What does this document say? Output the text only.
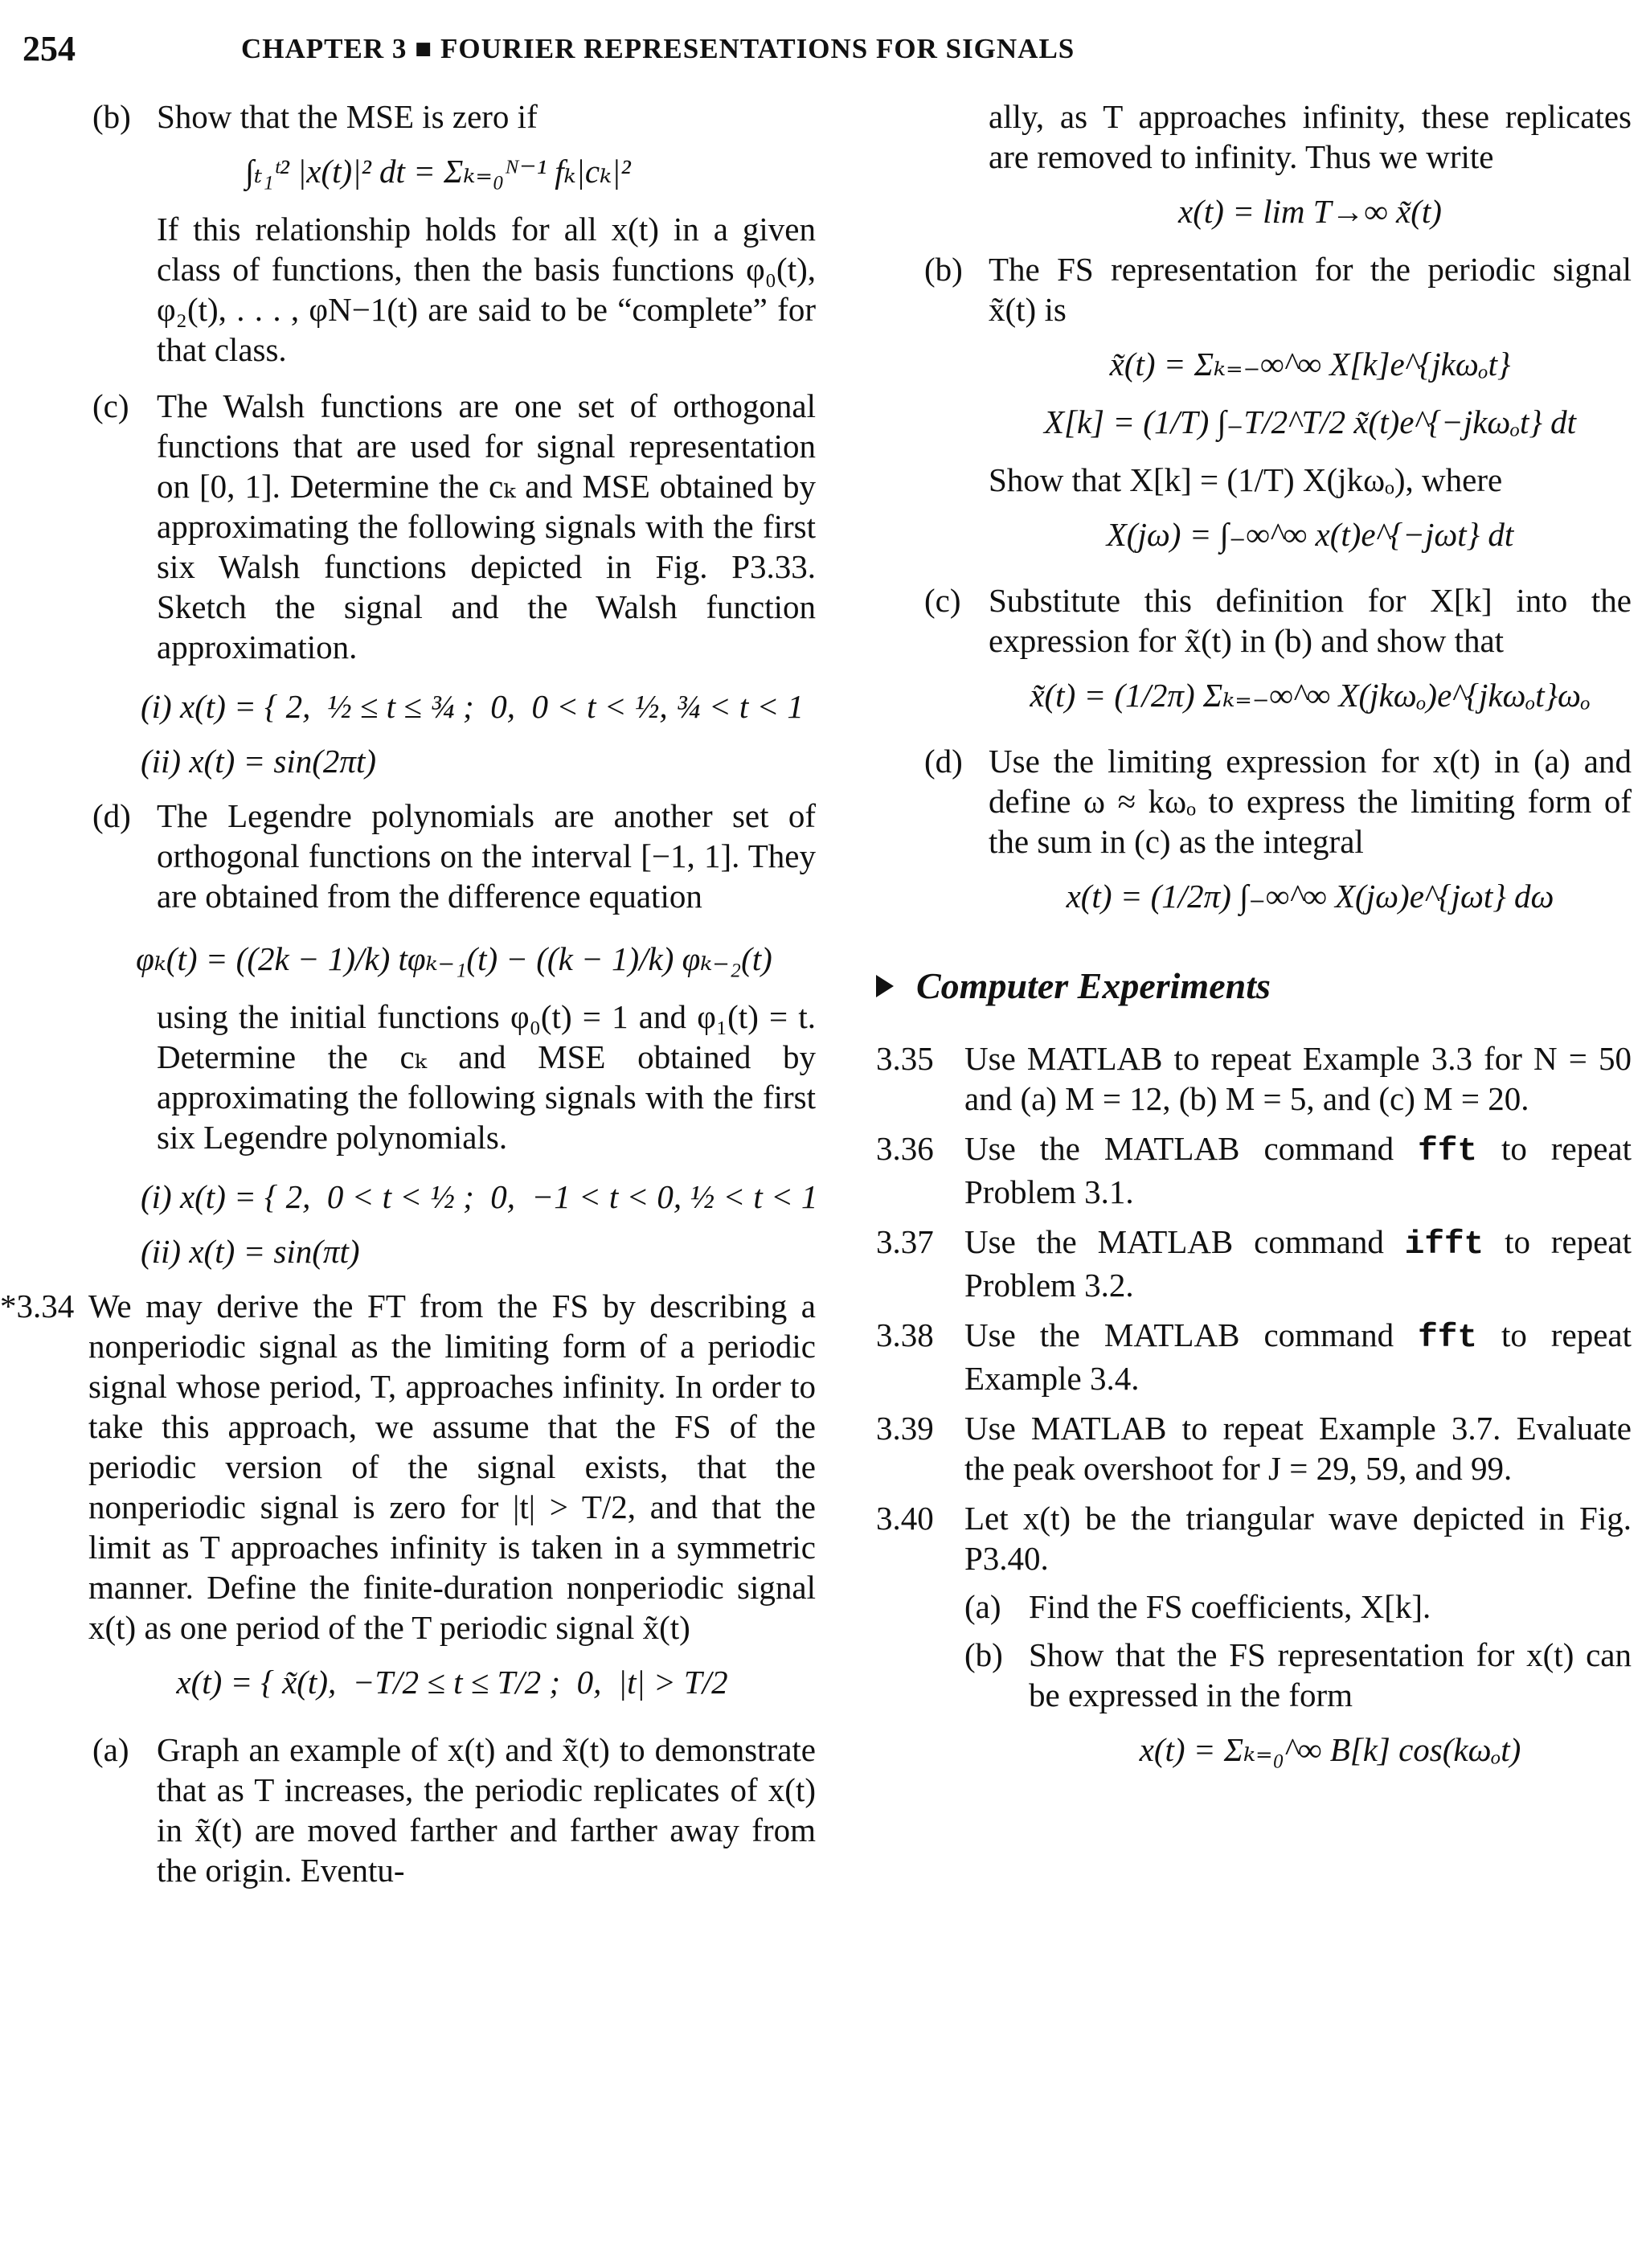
254	CHAPTER 3 ■ FOURIER REPRESENTATIONS FOR SIGNALS
(b) Show that the MSE is zero if
∫ₜ₁ᵗ² |x(t)|² dt = Σₖ₌₀ᴺ⁻¹ fₖ|cₖ|²
If this relationship holds for all x(t) in a given class of functions, then the basis functions φ₀(t), φ₂(t), . . . , φN−1(t) are said to be “complete” for that class.
(c) The Walsh functions are one set of orthogonal functions that are used for signal representation on [0, 1]. Determine the cₖ and MSE obtained by approximating the following signals with the first six Walsh functions depicted in Fig. P3.33. Sketch the signal and the Walsh function approximation.
(i) x(t) = { 2,  ½ ≤ t ≤ ¾ ;  0,  0 < t < ½, ¾ < t < 1
(ii) x(t) = sin(2πt)
(d) The Legendre polynomials are another set of orthogonal functions on the interval [−1, 1]. They are obtained from the difference equation
φₖ(t) = ((2k − 1)/k) tφₖ₋₁(t) − ((k − 1)/k) φₖ₋₂(t)
using the initial functions φ₀(t) = 1 and φ₁(t) = t. Determine the cₖ and MSE obtained by approximating the following signals with the first six Legendre polynomials.
(i) x(t) = { 2,  0 < t < ½ ;  0,  −1 < t < 0, ½ < t < 1
(ii) x(t) = sin(πt)
*3.34 We may derive the FT from the FS by describing a nonperiodic signal as the limiting form of a periodic signal whose period, T, approaches infinity. In order to take this approach, we assume that the FS of the periodic version of the signal exists, that the nonperiodic signal is zero for |t| > T/2, and that the limit as T approaches infinity is taken in a symmetric manner. Define the finite-duration nonperiodic signal x(t) as one period of the T periodic signal x̃(t)
x(t) = { x̃(t),  −T/2 ≤ t ≤ T/2 ;  0,  |t| > T/2
(a) Graph an example of x(t) and x̃(t) to demonstrate that as T increases, the periodic replicates of x(t) in x̃(t) are moved farther and farther away from the origin. Eventu-
ally, as T approaches infinity, these replicates are removed to infinity. Thus we write
x(t) = lim T→∞ x̃(t)
(b) The FS representation for the periodic signal x̃(t) is
x̃(t) = Σₖ₌₋∞^∞ X[k]e^{jkωₒt}
X[k] = (1/T) ∫₋T/2^T/2 x̃(t)e^{−jkωₒt} dt
Show that X[k] = (1/T) X(jkωₒ), where
X(jω) = ∫₋∞^∞ x(t)e^{−jωt} dt
(c) Substitute this definition for X[k] into the expression for x̃(t) in (b) and show that
x̃(t) = (1/2π) Σₖ₌₋∞^∞ X(jkωₒ)e^{jkωₒt}ωₒ
(d) Use the limiting expression for x(t) in (a) and define ω ≈ kωₒ to express the limiting form of the sum in (c) as the integral
x(t) = (1/2π) ∫₋∞^∞ X(jω)e^{jωt} dω
Computer Experiments
3.35 Use MATLAB to repeat Example 3.3 for N = 50 and (a) M = 12, (b) M = 5, and (c) M = 20.
3.36 Use the MATLAB command fft to repeat Problem 3.1.
3.37 Use the MATLAB command ifft to repeat Problem 3.2.
3.38 Use the MATLAB command fft to repeat Example 3.4.
3.39 Use MATLAB to repeat Example 3.7. Evaluate the peak overshoot for J = 29, 59, and 99.
3.40 Let x(t) be the triangular wave depicted in Fig. P3.40.
(a) Find the FS coefficients, X[k].
(b) Show that the FS representation for x(t) can be expressed in the form
x(t) = Σₖ₌₀^∞ B[k] cos(kωₒt)
